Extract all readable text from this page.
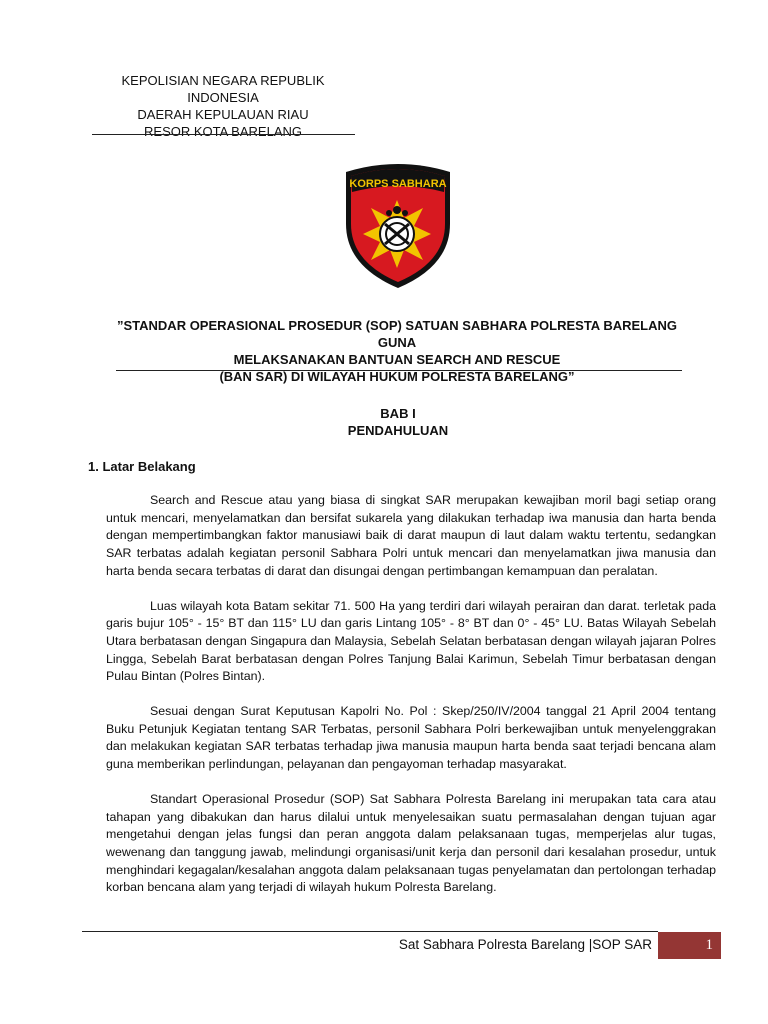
KEPOLISIAN NEGARA REPUBLIK INDONESIA
DAERAH KEPULAUAN RIAU
RESOR KOTA BARELANG
KORPS SABHARA
”STANDAR OPERASIONAL PROSEDUR (SOP) SATUAN SABHARA POLRESTA BARELANG GUNA
MELAKSANAKAN BANTUAN SEARCH AND RESCUE
(BAN SAR) DI WILAYAH HUKUM POLRESTA BARELANG”
BAB I
PENDAHULUAN
1. Latar Belakang

Search and Rescue atau yang biasa di singkat SAR merupakan kewajiban moril bagi setiap orang untuk mencari, menyelamatkan dan bersifat sukarela yang dilakukan terhadap iwa manusia dan harta benda dengan mempertimbangkan faktor manusiawi baik di darat maupun di laut dalam waktu tertentu, sedangkan SAR terbatas adalah kegiatan personil Sabhara Polri untuk mencari dan menyelamatkan jiwa manusia dan harta benda secara terbatas di darat dan disungai dengan pertimbangan kemampuan dan peralatan.

Luas wilayah kota Batam sekitar 71. 500 Ha yang terdiri dari wilayah perairan dan darat. terletak pada garis bujur 105° - 15° BT dan 115° LU dan garis Lintang 105° - 8° BT dan 0° - 45° LU. Batas Wilayah Sebelah Utara berbatasan dengan Singapura dan Malaysia, Sebelah Selatan berbatasan dengan wilayah jajaran Polres Lingga, Sebelah Barat berbatasan dengan Polres Tanjung Balai Karimun, Sebelah Timur berbatasan dengan Pulau Bintan (Polres Bintan).

Sesuai dengan Surat Keputusan Kapolri No. Pol : Skep/250/IV/2004 tanggal 21 April 2004 tentang Buku Petunjuk Kegiatan tentang SAR Terbatas, personil Sabhara Polri berkewajiban untuk menyelenggrakan dan melakukan kegiatan SAR terbatas terhadap jiwa manusia maupun harta benda saat terjadi bencana alam guna memberikan perlindungan, pelayanan dan pengayoman terhadap masyarakat.

Standart Operasional Prosedur (SOP) Sat Sabhara Polresta Barelang ini merupakan tata cara atau tahapan yang dibakukan dan harus dilalui untuk menyelesaikan suatu permasalahan dengan tujuan agar mengetahui dengan jelas fungsi dan peran anggota dalam pelaksanaan tugas, memperjelas alur tugas, wewenang dan tanggung jawab, melindungi organisasi/unit kerja dan personil dari kesalahan prosedur, untuk menghindari kegagalan/kesalahan anggota dalam pelaksanaan tugas penyelamatan dan pertolongan terhadap korban bencana alam yang terjadi di wilayah hukum Polresta Barelang.

Sat Sabhara Polresta Barelang |SOP SAR	1
